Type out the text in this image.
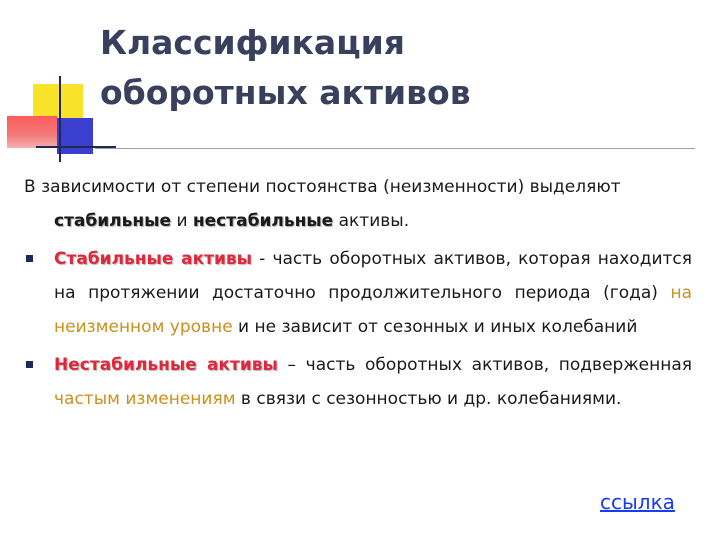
Классификация
оборотных активов

В зависимости от степени постоянства (неизменности) выделяют

стабильные и нестабильные активы.

Стабильные активы - часть оборотных активов, которая находится на протяжении достаточно продолжительного периода (года) на неизменном уровне и не зависит от сезонных и иных колебаний

Нестабильные активы – часть оборотных активов, подверженная частым изменениям в связи с сезонностью и др. колебаниями.

ссылка
